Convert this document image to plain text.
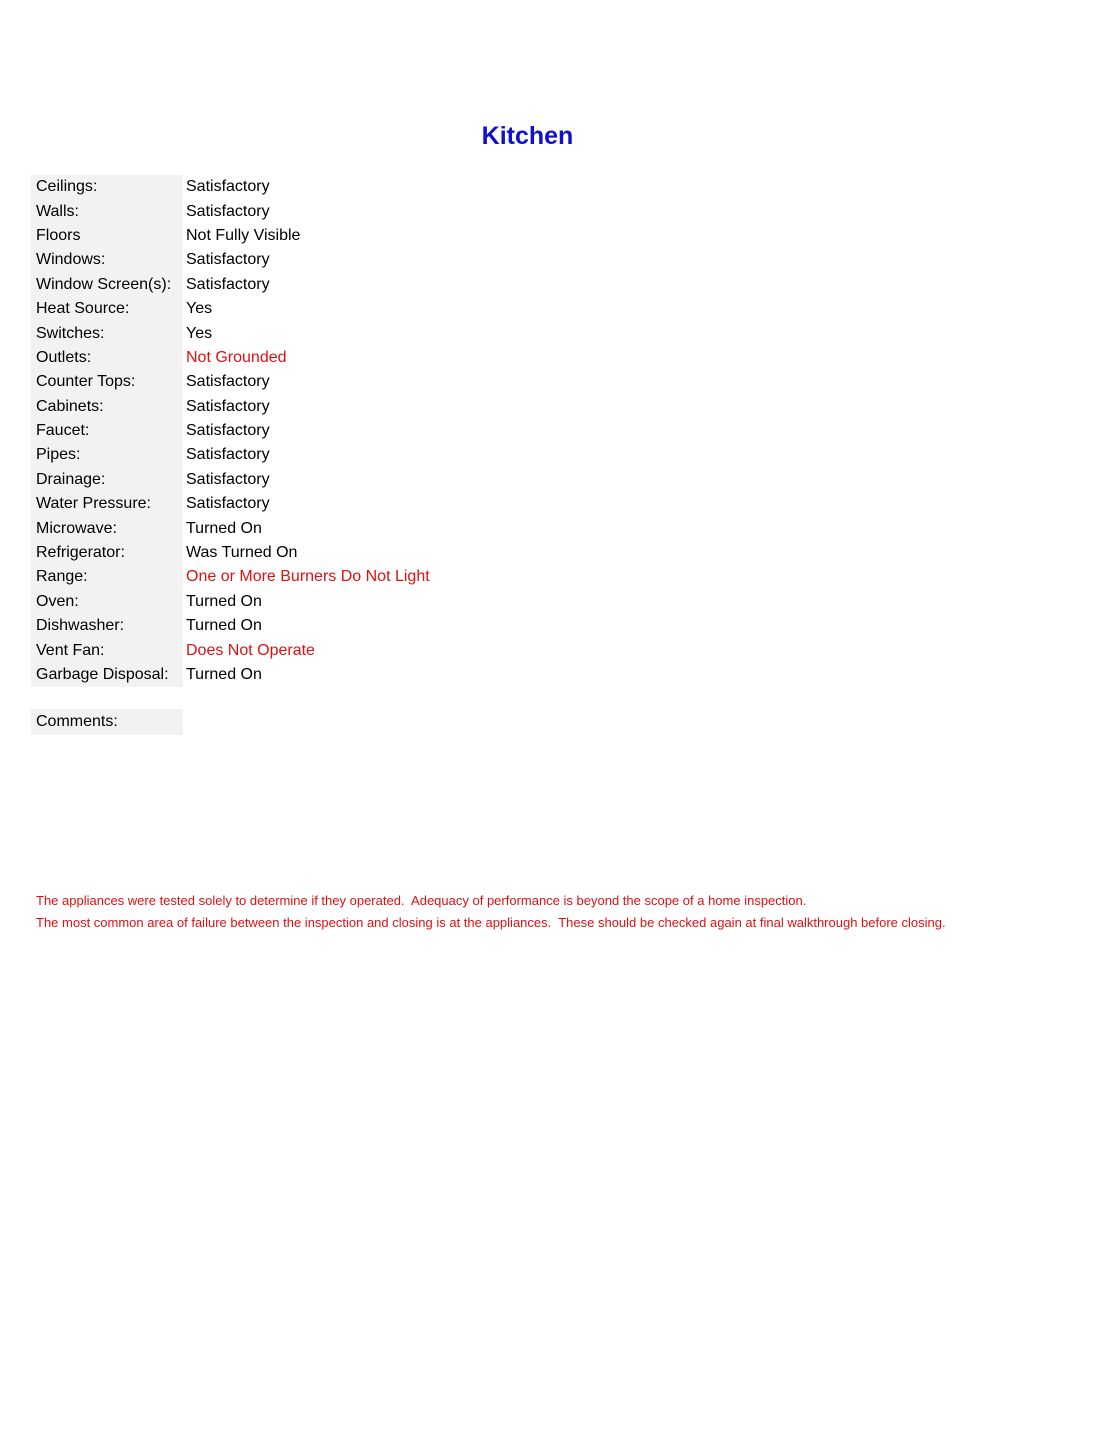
Kitchen
Ceilings:	Satisfactory
Walls:	Satisfactory
Floors	Not Fully Visible
Windows:	Satisfactory
Window Screen(s):	Satisfactory
Heat Source:	Yes
Switches:	Yes
Outlets:	Not Grounded
Counter Tops:	Satisfactory
Cabinets:	Satisfactory
Faucet:	Satisfactory
Pipes:	Satisfactory
Drainage:	Satisfactory
Water Pressure:	Satisfactory
Microwave:	Turned On
Refrigerator:	Was Turned On
Range:	One or More Burners Do Not Light
Oven:	Turned On
Dishwasher:	Turned On
Vent Fan:	Does Not Operate
Garbage Disposal:	Turned On
Comments:

The appliances were tested solely to determine if they operated.  Adequacy of performance is beyond the scope of a home inspection.

The most common area of failure between the inspection and closing is at the appliances.  These should be checked again at final walkthrough before closing.
